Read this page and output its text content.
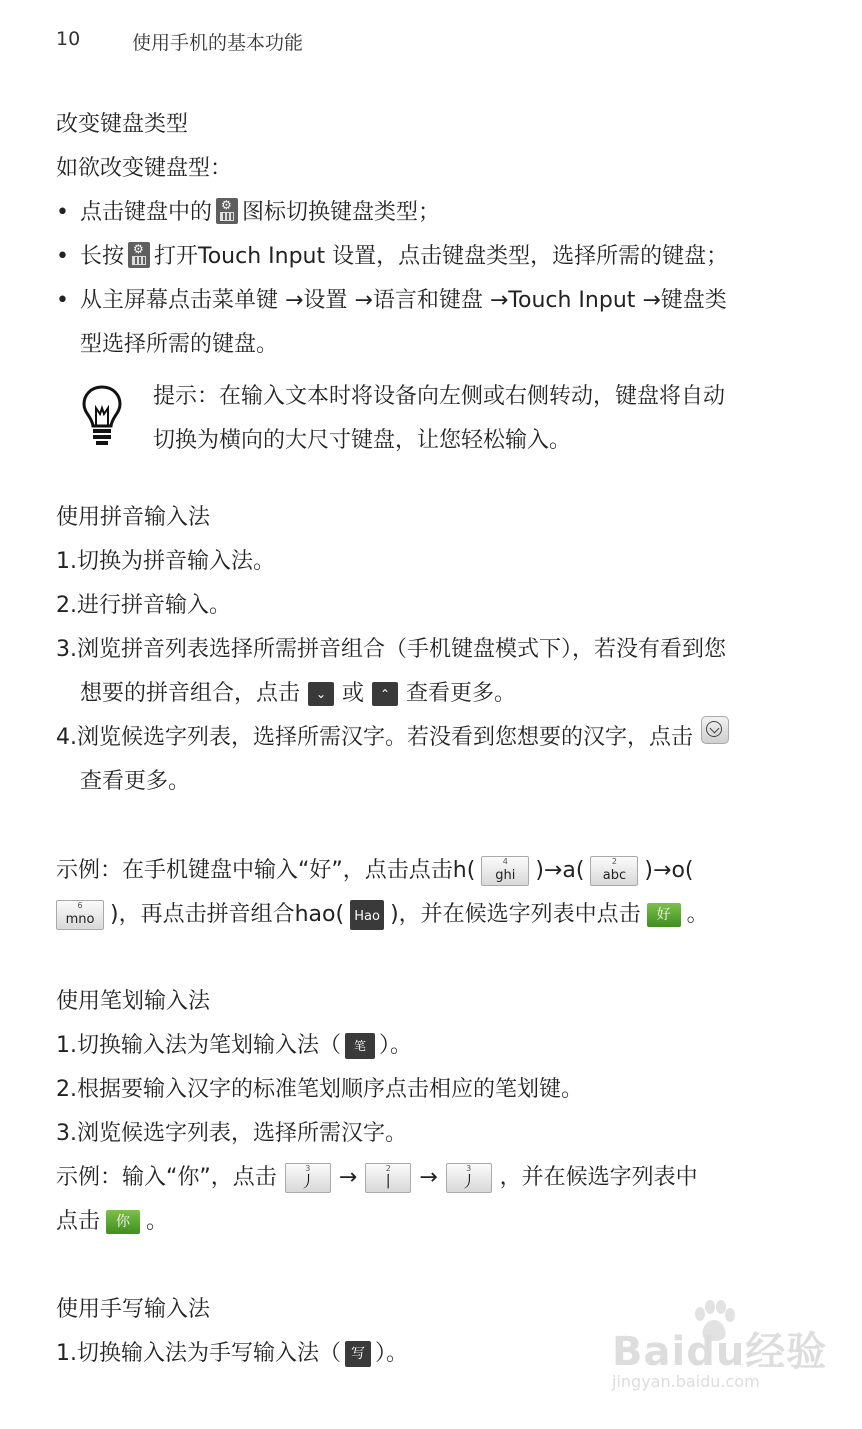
10	使用手机的基本功能
改变键盘类型
如欲改变键盘型：
• 点击键盘中的 ⚙ 图标切换键盘类型；
• 长按 ⚙ 打开Touch Input 设置，点击键盘类型，选择所需的键盘；
• 从主屏幕点击菜单键 →设置 →语言和键盘 →Touch Input →键盘类
型选择所需的键盘。
提示：在输入文本时将设备向左侧或右侧转动，键盘将自动
切换为横向的大尺寸键盘，让您轻松输入。
使用拼音输入法
1.切换为拼音输入法。
2.进行拼音输入。
3.浏览拼音列表选择所需拼音组合（手机键盘模式下），若没有看到您
想要的拼音组合，点击 ⌄ 或 ⌃ 查看更多。
4.浏览候选字列表，选择所需汉字。若没看到您想要的汉字，点击
查看更多。
示例：在手机键盘中输入“好”，点击点击h(	4
ghi )→a(	2
abc )→o(
6
mno )，再点击拼音组合hao( Hao )，并在候选字列表中点击 好 。
使用笔划输入法
1.切换输入法为笔划输入法（ 笔 ）。
2.根据要输入汉字的标准笔划顺序点击相应的笔划键。
3.浏览候选字列表，选择所需汉字。
示例：输入“你”，点击	3
丿	→	2
丨	→	3
丿	，并在候选字列表中
点击 你 。
使用手写输入法
1.切换输入法为手写输入法（ 写 ）。	Baidu经验
jingyan.baidu.com
